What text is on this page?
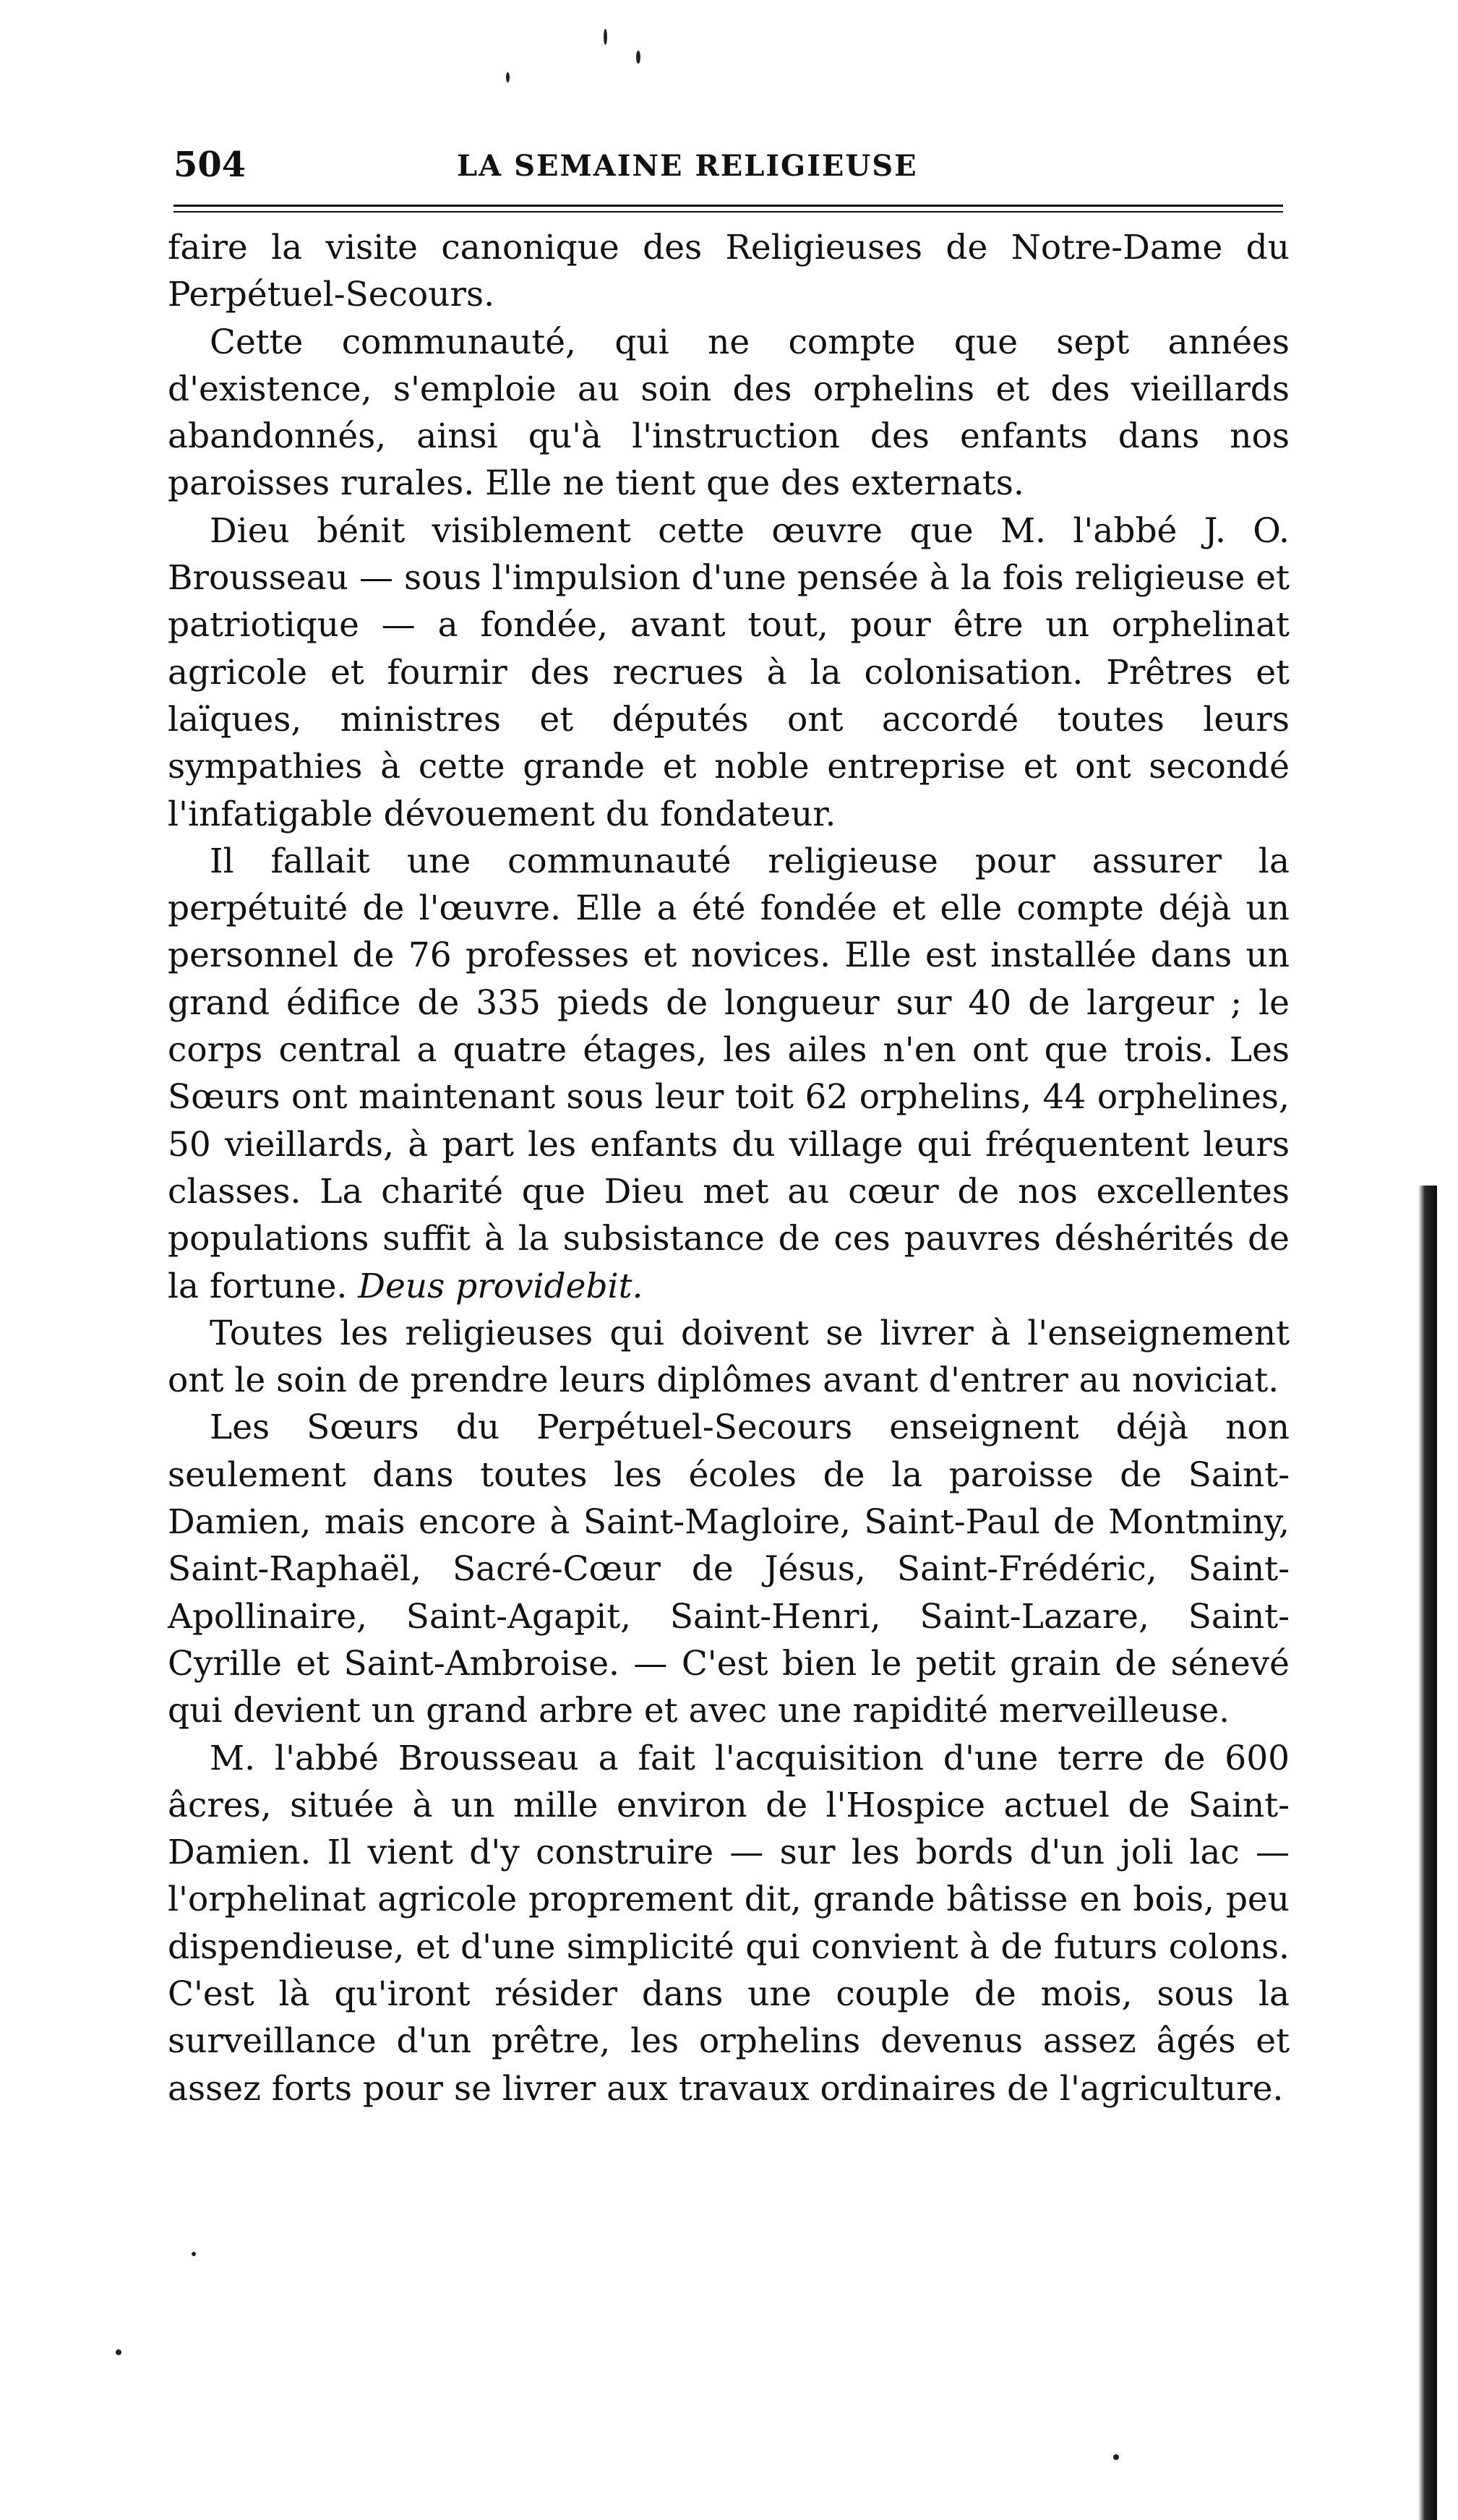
504	LA SEMAINE RELIGIEUSE

faire la visite canonique des Religieuses de Notre-Dame du Perpétuel-Secours.

Cette communauté, qui ne compte que sept années d'existence, s'emploie au soin des orphelins et des vieillards abandonnés, ainsi qu'à l'instruction des enfants dans nos paroisses rurales. Elle ne tient que des externats.

Dieu bénit visiblement cette œuvre que M. l'abbé J. O. Brousseau — sous l'impulsion d'une pensée à la fois religieuse et patriotique — a fondée, avant tout, pour être un orphelinat agricole et fournir des recrues à la colonisation. Prêtres et laïques, ministres et députés ont accordé toutes leurs sympathies à cette grande et noble entreprise et ont secondé l'infatigable dévouement du fondateur.

Il fallait une communauté religieuse pour assurer la perpétuité de l'œuvre. Elle a été fondée et elle compte déjà un personnel de 76 professes et novices. Elle est installée dans un grand édifice de 335 pieds de longueur sur 40 de largeur ; le corps central a quatre étages, les ailes n'en ont que trois. Les Sœurs ont maintenant sous leur toit 62 orphelins, 44 orphelines, 50 vieillards, à part les enfants du village qui fréquentent leurs classes. La charité que Dieu met au cœur de nos excellentes populations suffit à la subsistance de ces pauvres déshérités de la fortune. Deus providebit.

Toutes les religieuses qui doivent se livrer à l'enseignement ont le soin de prendre leurs diplômes avant d'entrer au noviciat.

Les Sœurs du Perpétuel-Secours enseignent déjà non seulement dans toutes les écoles de la paroisse de Saint-Damien, mais encore à Saint-Magloire, Saint-Paul de Montminy, Saint-Raphaël, Sacré-Cœur de Jésus, Saint-Frédéric, Saint-Apollinaire, Saint-Agapit, Saint-Henri, Saint-Lazare, Saint-Cyrille et Saint-Ambroise. — C'est bien le petit grain de sénevé qui devient un grand arbre et avec une rapidité merveilleuse.

M. l'abbé Brousseau a fait l'acquisition d'une terre de 600 âcres, située à un mille environ de l'Hospice actuel de Saint-Damien. Il vient d'y construire — sur les bords d'un joli lac — l'orphelinat agricole proprement dit, grande bâtisse en bois, peu dispendieuse, et d'une simplicité qui convient à de futurs colons. C'est là qu'iront résider dans une couple de mois, sous la surveillance d'un prêtre, les orphelins devenus assez âgés et assez forts pour se livrer aux travaux ordinaires de l'agriculture.
